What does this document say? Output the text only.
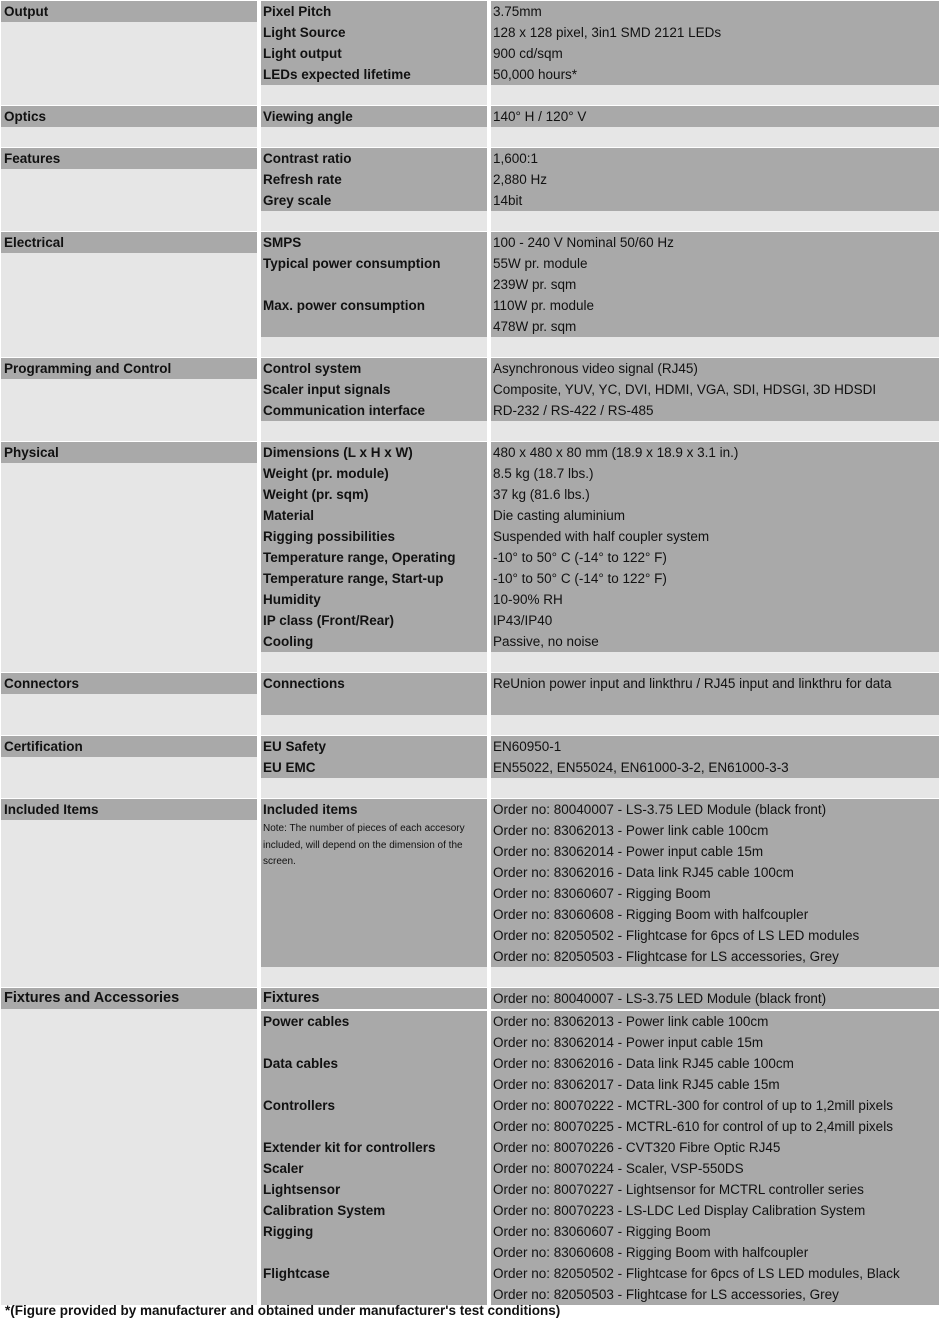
Output	Pixel Pitch	3.75mm
Light Source	128 x 128 pixel, 3in1 SMD 2121 LEDs
Light output	900 cd/sqm
LEDs expected lifetime	50,000 hours*
Optics	Viewing angle	140° H / 120° V
Features	Contrast ratio	1,600:1
Refresh rate	2,880 Hz
Grey scale	14bit
Electrical	SMPS	100 - 240 V Nominal 50/60 Hz
Typical power consumption	55W pr. module
239W pr. sqm
Max. power consumption	110W pr. module
478W pr. sqm
Programming and Control	Control system	Asynchronous video signal (RJ45)
Scaler input signals	Composite, YUV, YC, DVI, HDMI, VGA, SDI, HDSGI, 3D HDSDI
Communication interface	RD-232 / RS-422 / RS-485
Physical	Dimensions (L x H x W)	480 x 480 x 80 mm (18.9 x 18.9 x 3.1 in.)
Weight (pr. module)	8.5 kg (18.7 lbs.)
Weight (pr. sqm)	37 kg (81.6 lbs.)
Material	Die casting aluminium
Rigging possibilities	Suspended with half coupler system
Temperature range, Operating	-10° to 50° C (-14° to 122° F)
Temperature range, Start-up	-10° to 50° C (-14° to 122° F)
Humidity	10-90% RH
IP class (Front/Rear)	IP43/IP40
Cooling	Passive, no noise
Connectors	Connections	ReUnion power input and linkthru / RJ45 input and linkthru for data
Certification	EU Safety	EN60950-1
EU EMC	EN55022, EN55024, EN61000-3-2, EN61000-3-3
Included Items	Included items
Note: The number of pieces of each accesory included, will depend on the dimension of the screen.
Order no: 80040007 - LS-3.75 LED Module (black front)
Order no: 83062013 - Power link cable 100cm
Order no: 83062014 - Power input cable 15m
Order no: 83062016 - Data link RJ45 cable 100cm
Order no: 83060607 - Rigging Boom
Order no: 83060608 - Rigging Boom with halfcoupler
Order no: 82050502 - Flightcase for 6pcs of LS LED modules
Order no: 82050503 - Flightcase for LS accessories, Grey
Fixtures and Accessories	Fixtures	Order no: 80040007 - LS-3.75 LED Module (black front)
Power cables	Order no: 83062013 - Power link cable 100cm
Order no: 83062014 - Power input cable 15m
Data cables	Order no: 83062016 - Data link RJ45 cable 100cm
Order no: 83062017 - Data link RJ45 cable 15m
Controllers	Order no: 80070222 - MCTRL-300 for control of up to 1,2mill pixels
Order no: 80070225 - MCTRL-610 for control of up to 2,4mill pixels
Extender kit for controllers	Order no: 80070226 - CVT320 Fibre Optic RJ45
Scaler	Order no: 80070224 - Scaler, VSP-550DS
Lightsensor	Order no: 80070227 - Lightsensor for MCTRL controller series
Calibration System	Order no: 80070223 - LS-LDC Led Display Calibration System
Rigging	Order no: 83060607 - Rigging Boom
Order no: 83060608 - Rigging Boom with halfcoupler
Flightcase	Order no: 82050502 - Flightcase for 6pcs of LS LED modules, Black
Order no: 82050503 - Flightcase for LS accessories, Grey
*(Figure provided by manufacturer and obtained under manufacturer's test conditions)
